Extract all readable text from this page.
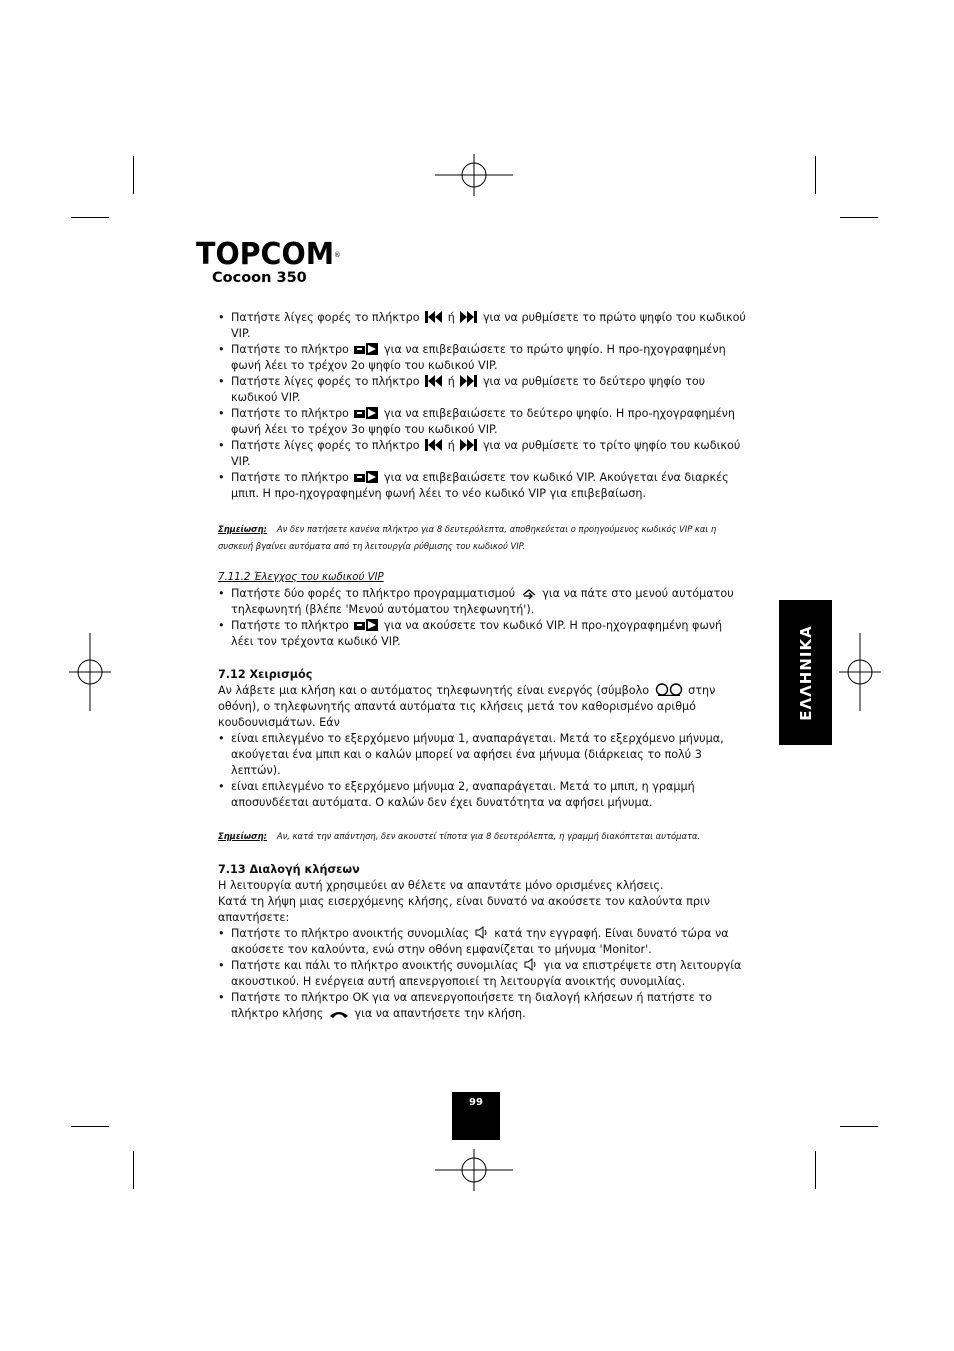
TOPCOM®
Cocoon 350
• Πατήστε λίγες φορές το πλήκτρο	ή	για να ρυθμίσετε το πρώτο ψηφίο του κωδικού VIP.
• Πατήστε το πλήκτρο	για να επιβεβαιώσετε το πρώτο ψηφίο. Η προ-ηχογραφημένη φωνή λέει το τρέχον 2ο ψηφίο του κωδικού VIP.
• Πατήστε λίγες φορές το πλήκτρο	ή	για να ρυθμίσετε το δεύτερο ψηφίο του κωδικού VIP.
• Πατήστε το πλήκτρο	για να επιβεβαιώσετε το δεύτερο ψηφίο. Η προ-ηχογραφημένη φωνή λέει το τρέχον 3ο ψηφίο του κωδικού VIP.
• Πατήστε λίγες φορές το πλήκτρο	ή	για να ρυθμίσετε το τρίτο ψηφίο του κωδικού VIP.
• Πατήστε το πλήκτρο	για να επιβεβαιώσετε τον κωδικό VIP. Ακούγεται ένα διαρκές μπιπ. Η προ-ηχογραφημένη φωνή λέει το νέο κωδικό VIP για επιβεβαίωση.

Σημείωση: Αν δεν πατήσετε κανένα πλήκτρο για 8 δευτερόλεπτα, αποθηκεύεται ο προηγούμενος κωδικός VIP και η συσκευή βγαίνει αυτόματα από τη λειτουργία ρύθμισης του κωδικού VIP.

7.11.2 Έλεγχος του κωδικού VIP

• Πατήστε δύο φορές το πλήκτρο προγραμματισμού για να πάτε στο μενού αυτόματου τηλεφωνητή (βλέπε 'Μενού αυτόματου τηλεφωνητή').
• Πατήστε το πλήκτρο	για να ακούσετε τον κωδικό VIP. Η προ-ηχογραφημένη φωνή λέει τον τρέχοντα κωδικό VIP.
7.12 Χειρισμός

Αν λάβετε μια κλήση και ο αυτόματος τηλεφωνητής είναι ενεργός (σύμβολο	στην οθόνη), ο τηλεφωνητής απαντά αυτόματα τις κλήσεις μετά τον καθορισμένο αριθμό κουδουνισμάτων. Εάν

• είναι επιλεγμένο το εξερχόμενο μήνυμα 1, αναπαράγεται. Μετά το εξερχόμενο μήνυμα, ακούγεται ένα μπιπ και ο καλών μπορεί να αφήσει ένα μήνυμα (διάρκειας το πολύ 3 λεπτών).
• είναι επιλεγμένο το εξερχόμενο μήνυμα 2, αναπαράγεται. Μετά το μπιπ, η γραμμή αποσυνδέεται αυτόματα. Ο καλών δεν έχει δυνατότητα να αφήσει μήνυμα.

Σημείωση: Αν, κατά την απάντηση, δεν ακουστεί τίποτα για 8 δευτερόλεπτα, η γραμμή διακόπτεται αυτόματα.

7.13 Διαλογή κλήσεων

Η λειτουργία αυτή χρησιμεύει αν θέλετε να απαντάτε μόνο ορισμένες κλήσεις.

Κατά τη λήψη μιας εισερχόμενης κλήσης, είναι δυνατό να ακούσετε τον καλούντα πριν απαντήσετε:

• Πατήστε το πλήκτρο ανοικτής συνομιλίας κατά την εγγραφή. Είναι δυνατό τώρα να ακούσετε τον καλούντα, ενώ στην οθόνη εμφανίζεται το μήνυμα 'Monitor'.
• Πατήστε και πάλι το πλήκτρο ανοικτής συνομιλίας για να επιστρέψετε στη λειτουργία ακουστικού. Η ενέργεια αυτή απενεργοποιεί τη λειτουργία ανοικτής συνομιλίας.
• Πατήστε το πλήκτρο OK για να απενεργοποιήσετε τη διαλογή κλήσεων ή πατήστε το πλήκτρο κλήσης	για να απαντήσετε την κλήση.
ΕΛΛΗΝΙΚΑ
99
